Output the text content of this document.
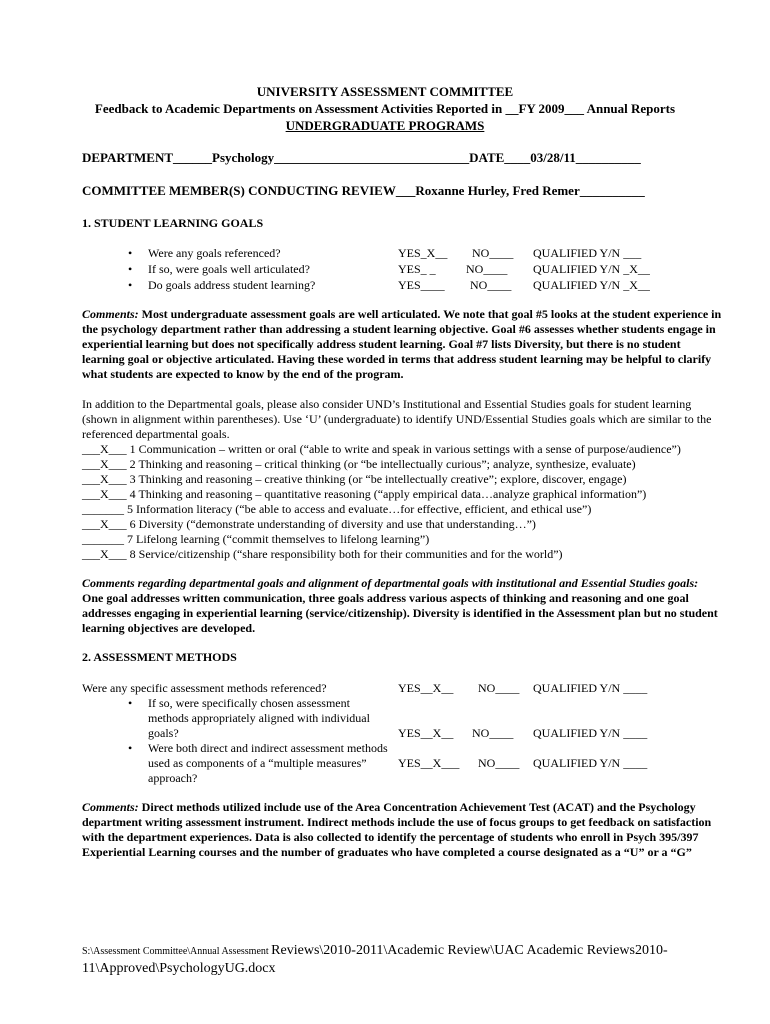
UNIVERSITY ASSESSMENT COMMITTEE
Feedback to Academic Departments on Assessment Activities Reported in __FY 2009___ Annual Reports
UNDERGRADUATE PROGRAMS
DEPARTMENT______Psychology______________________________DATE____03/28/11__________
COMMITTEE MEMBER(S) CONDUCTING REVIEW___Roxanne Hurley, Fred Remer__________
1. STUDENT LEARNING GOALS
• Were any goals referenced?	YES_X__ NO____ QUALIFIED Y/N ___
• If so, were goals well articulated?	YES_ _	NO____ QUALIFIED Y/N _X__
• Do goals address student learning?	YES____ NO____ QUALIFIED Y/N _X__
Comments: Most undergraduate assessment goals are well articulated. We note that goal #5 looks at the student experience in the psychology department rather than addressing a student learning objective. Goal #6 assesses whether students engage in experiential learning but does not specifically address student learning. Goal #7 lists Diversity, but there is no student learning goal or objective articulated. Having these worded in terms that address student learning may be helpful to clarify what students are expected to know by the end of the program.
In addition to the Departmental goals, please also consider UND’s Institutional and Essential Studies goals for student learning (shown in alignment within parentheses). Use ‘U’ (undergraduate) to identify UND/Essential Studies goals which are similar to the referenced departmental goals.
___X___ 1 Communication – written or oral (“able to write and speak in various settings with a sense of purpose/audience”)
___X___ 2 Thinking and reasoning – critical thinking (or “be intellectually curious”; analyze, synthesize, evaluate)
___X___ 3 Thinking and reasoning – creative thinking (or “be intellectually creative”; explore, discover, engage)
___X___ 4 Thinking and reasoning – quantitative reasoning (“apply empirical data…analyze graphical information”)
_______ 5 Information literacy (“be able to access and evaluate…for effective, efficient, and ethical use”)
___X___ 6 Diversity (“demonstrate understanding of diversity and use that understanding…”)
_______ 7 Lifelong learning (“commit themselves to lifelong learning”)
___X___ 8 Service/citizenship (“share responsibility both for their communities and for the world”)
Comments regarding departmental goals and alignment of departmental goals with institutional and Essential Studies goals: One goal addresses written communication, three goals address various aspects of thinking and reasoning and one goal addresses engaging in experiential learning (service/citizenship). Diversity is identified in the Assessment plan but no student learning objectives are developed.
2. ASSESSMENT METHODS
Were any specific assessment methods referenced?	YES__X__ NO____ QUALIFIED Y/N ____
• If so, were specifically chosen assessment methods appropriately aligned with individual goals?	YES__X__ NO____ QUALIFIED Y/N ____
• Were both direct and indirect assessment methods used as components of a “multiple measures” approach?
YES__X___ NO____ QUALIFIED Y/N ____
Comments: Direct methods utilized include use of the Area Concentration Achievement Test (ACAT) and the Psychology department writing assessment instrument. Indirect methods include the use of focus groups to get feedback on satisfaction with the department experiences. Data is also collected to identify the percentage of students who enroll in Psych 395/397 Experiential Learning courses and the number of graduates who have completed a course designated as a “U” or a “G”
S:\Assessment Committee\Annual Assessment Reviews\2010-2011\Academic Review\UAC Academic Reviews2010-11\Approved\PsychologyUG.docx
